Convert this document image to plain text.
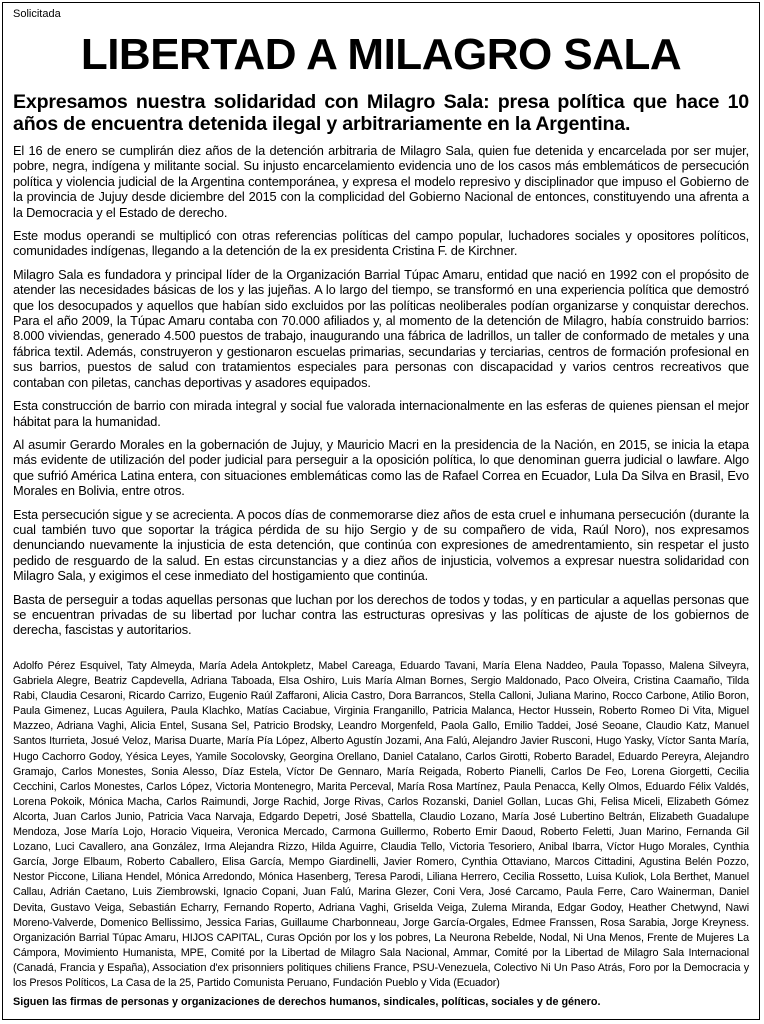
Solicitada
LIBERTAD A MILAGRO SALA
Expresamos nuestra solidaridad con Milagro Sala: presa política que hace 10 años de encuentra detenida ilegal y arbitrariamente en la Argentina.

El 16 de enero se cumplirán diez años de la detención arbitraria de Milagro Sala, quien fue detenida y encarcelada por ser mujer, pobre, negra, indígena y militante social. Su injusto encarcelamiento evidencia uno de los casos más emblemáticos de persecución política y violencia judicial de la Argentina contemporánea, y expresa el modelo represivo y disciplinador que impuso el Gobierno de la provincia de Jujuy desde diciembre del 2015 con la complicidad del Gobierno Nacional de entonces, constituyendo una afrenta a la Democracia y el Estado de derecho.

Este modus operandi se multiplicó con otras referencias políticas del campo popular, luchadores sociales y opositores políticos, comunidades indígenas, llegando a la detención de la ex presidenta Cristina F. de Kirchner.

Milagro Sala es fundadora y principal líder de la Organización Barrial Túpac Amaru, entidad que nació en 1992 con el propósito de atender las necesidades básicas de los y las jujeñas. A lo largo del tiempo, se transformó en una experiencia política que demostró que los desocupados y aquellos que habían sido excluidos por las políticas neoliberales podían organizarse y conquistar derechos. Para el año 2009, la Túpac Amaru contaba con 70.000 afiliados y, al momento de la detención de Milagro, había construido barrios: 8.000 viviendas, generado 4.500 puestos de trabajo, inaugurando una fábrica de ladrillos, un taller de conformado de metales y una fábrica textil. Además, construyeron y gestionaron escuelas primarias, secundarias y terciarias, centros de formación profesional en sus barrios, puestos de salud con tratamientos especiales para personas con discapacidad y varios centros recreativos que contaban con piletas, canchas deportivas y asadores equipados.

Esta construcción de barrio con mirada integral y social fue valorada internacionalmente en las esferas de quienes piensan el mejor hábitat para la humanidad.

Al asumir Gerardo Morales en la gobernación de Jujuy, y Mauricio Macri en la presidencia de la Nación, en 2015, se inicia la etapa más evidente de utilización del poder judicial para perseguir a la oposición política, lo que denominan guerra judicial o lawfare. Algo que sufrió América Latina entera, con situaciones emblemáticas como las de Rafael Correa en Ecuador, Lula Da Silva en Brasil, Evo Morales en Bolivia, entre otros.

Esta persecución sigue y se acrecienta. A pocos días de conmemorarse diez años de esta cruel e inhumana persecución (durante la cual también tuvo que soportar la trágica pérdida de su hijo Sergio y de su compañero de vida, Raúl Noro), nos expresamos denunciando nuevamente la injusticia de esta detención, que continúa con expresiones de amedrentamiento, sin respetar el justo pedido de resguardo de la salud. En estas circunstancias y a diez años de injusticia, volvemos a expresar nuestra solidaridad con Milagro Sala, y exigimos el cese inmediato del hostigamiento que continúa.

Basta de perseguir a todas aquellas personas que luchan por los derechos de todos y todas, y en particular a aquellas personas que se encuentran privadas de su libertad por luchar contra las estructuras opresivas y las políticas de ajuste de los gobiernos de derecha, fascistas y autoritarios.

Adolfo Pérez Esquivel, Taty Almeyda, María Adela Antokpletz, Mabel Careaga, Eduardo Tavani, María Elena Naddeo, Paula Topasso, Malena Silveyra, Gabriela Alegre, Beatriz Capdevella, Adriana Taboada, Elsa Oshiro, Luis María Alman Bornes, Sergio Maldonado, Paco Olveira, Cristina Caamaño, Tilda Rabi, Claudia Cesaroni, Ricardo Carrizo, Eugenio Raúl Zaffaroni, Alicia Castro, Dora Barrancos, Stella Calloni, Juliana Marino, Rocco Carbone, Atilio Boron, Paula Gimenez, Lucas Aguilera, Paula Klachko, Matías Caciabue, Virginia Franganillo, Patricia Malanca, Hector Hussein, Roberto Romeo Di Vita, Miguel Mazzeo, Adriana Vaghi, Alicia Entel, Susana Sel, Patricio Brodsky, Leandro Morgenfeld, Paola Gallo, Emilio Taddei, José Seoane, Claudio Katz, Manuel Santos Iturrieta, Josué Veloz, Marisa Duarte, María Pía López, Alberto Agustín Jozami, Ana Falú, Alejandro Javier Rusconi, Hugo Yasky, Víctor Santa María, Hugo Cachorro Godoy, Yésica Leyes, Yamile Socolovsky, Georgina Orellano, Daniel Catalano, Carlos Girotti, Roberto Baradel, Eduardo Pereyra, Alejandro Gramajo, Carlos Monestes, Sonia Alesso, Díaz Estela, Víctor De Gennaro, María Reigada, Roberto Pianelli, Carlos De Feo, Lorena Giorgetti, Cecilia Cecchini, Carlos Monestes, Carlos López, Victoria Montenegro, Marita Perceval, María Rosa Martínez, Paula Penacca, Kelly Olmos, Eduardo Félix Valdés, Lorena Pokoik, Mónica Macha, Carlos Raimundi, Jorge Rachid, Jorge Rivas, Carlos Rozanski, Daniel Gollan, Lucas Ghi, Felisa Miceli, Elizabeth Gómez Alcorta, Juan Carlos Junio, Patricia Vaca Narvaja, Edgardo Depetri, José Sbattella, Claudio Lozano, María José Lubertino Beltrán, Elizabeth Guadalupe Mendoza, Jose María Lojo, Horacio Viqueira, Veronica Mercado, Carmona Guillermo, Roberto Emir Daoud, Roberto Feletti, Juan Marino, Fernanda Gil Lozano, Luci Cavallero, ana González, Irma Alejandra Rizzo, Hilda Aguirre, Claudia Tello, Victoria Tesoriero, Anibal Ibarra, Víctor Hugo Morales, Cynthia García, Jorge Elbaum, Roberto Caballero, Elisa García, Mempo Giardinelli, Javier Romero, Cynthia Ottaviano, Marcos Cittadini, Agustina Belén Pozzo, Nestor Piccone, Liliana Hendel, Mónica Arredondo, Mónica Hasenberg, Teresa Parodi, Liliana Herrero, Cecilia Rossetto, Luisa Kuliok, Lola Berthet, Manuel Callau, Adrián Caetano, Luis Ziembrowski, Ignacio Copani, Juan Falú, Marina Glezer, Coni Vera, José Carcamo, Paula Ferre, Caro Wainerman, Daniel Devita, Gustavo Veiga, Sebastián Echarry, Fernando Roperto, Adriana Vaghi, Griselda Veiga, Zulema Miranda, Edgar Godoy, Heather Chetwynd, Nawi Moreno-Valverde, Domenico Bellissimo, Jessica Farias, Guillaume Charbonneau, Jorge García-Orgales, Edmee Franssen, Rosa Sarabia, Jorge Kreyness. Organización Barrial Túpac Amaru, HIJOS CAPITAL, Curas Opción por los y los pobres, La Neurona Rebelde, Nodal, Ni Una Menos, Frente de Mujeres La Cámpora, Movimiento Humanista, MPE, Comité por la Libertad de Milagro Sala Nacional, Ammar, Comité por la Libertad de Milagro Sala Internacional (Canadá, Francia y España), Association d'ex prisonniers politiques chiliens France, PSU-Venezuela, Colectivo Ni Un Paso Atrás, Foro por la Democracia y los Presos Políticos, La Casa de la 25, Partido Comunista Peruano, Fundación Pueblo y Vida (Ecuador)

Siguen las firmas de personas y organizaciones de derechos humanos, sindicales, políticas, sociales y de género.
